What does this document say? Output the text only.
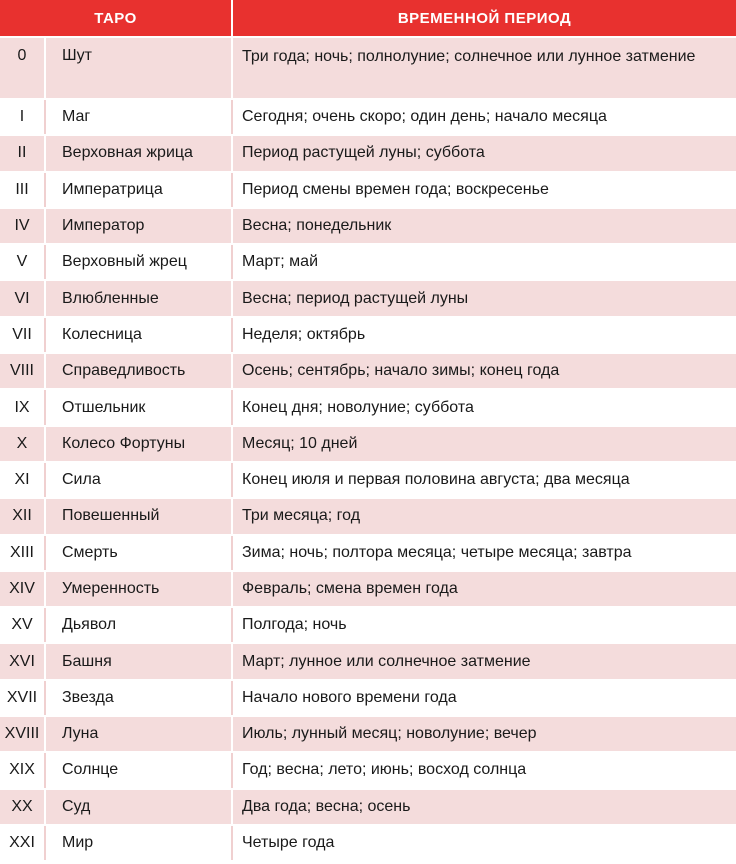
ТАРО	ВРЕМЕННОЙ ПЕРИОД
0	Шут	Три года; ночь; полнолуние; солнечное или лунное затмение
I	Маг	Сегодня; очень скоро; один день; начало месяца
II	Верховная жрица	Период растущей луны; суббота
III	Императрица	Период смены времен года; воскресенье
IV	Император	Весна; понедельник
V	Верховный жрец	Март; май
VI	Влюбленные	Весна; период растущей луны
VII	Колесница	Неделя; октябрь
VIII	Справедливость	Осень; сентябрь; начало зимы; конец года
IX	Отшельник	Конец дня; новолуние; суббота
X	Колесо Фортуны	Месяц; 10 дней
XI	Сила	Конец июля и первая половина августа; два месяца
XII	Повешенный	Три месяца; год
XIII	Смерть	Зима; ночь; полтора месяца; четыре месяца; завтра
XIV	Умеренность	Февраль; смена времен года
XV	Дьявол	Полгода; ночь
XVI	Башня	Март; лунное или солнечное затмение
XVII	Звезда	Начало нового времени года
XVIII	Луна	Июль; лунный месяц; новолуние; вечер
XIX	Солнце	Год; весна; лето; июнь; восход солнца
XX	Суд	Два года; весна; осень
XXI	Мир	Четыре года
